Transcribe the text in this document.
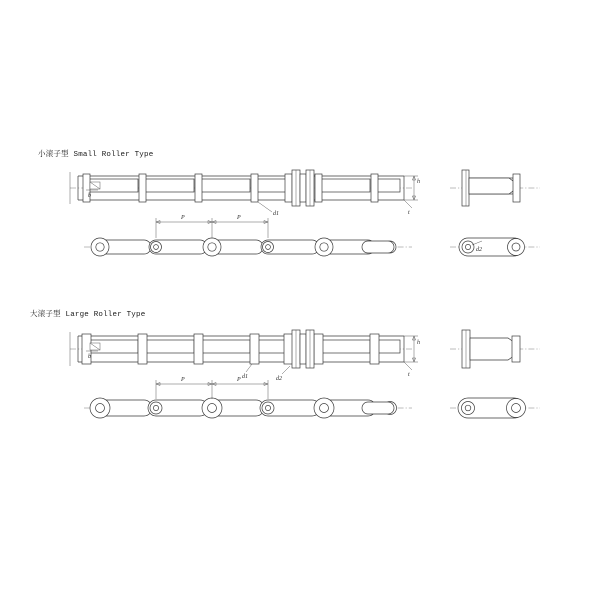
小滚子型 Small Roller Type
大滚子型 Large Roller Type
h
t
d1
b
P	P
d2
h
t
d1	d2
b
P	P
